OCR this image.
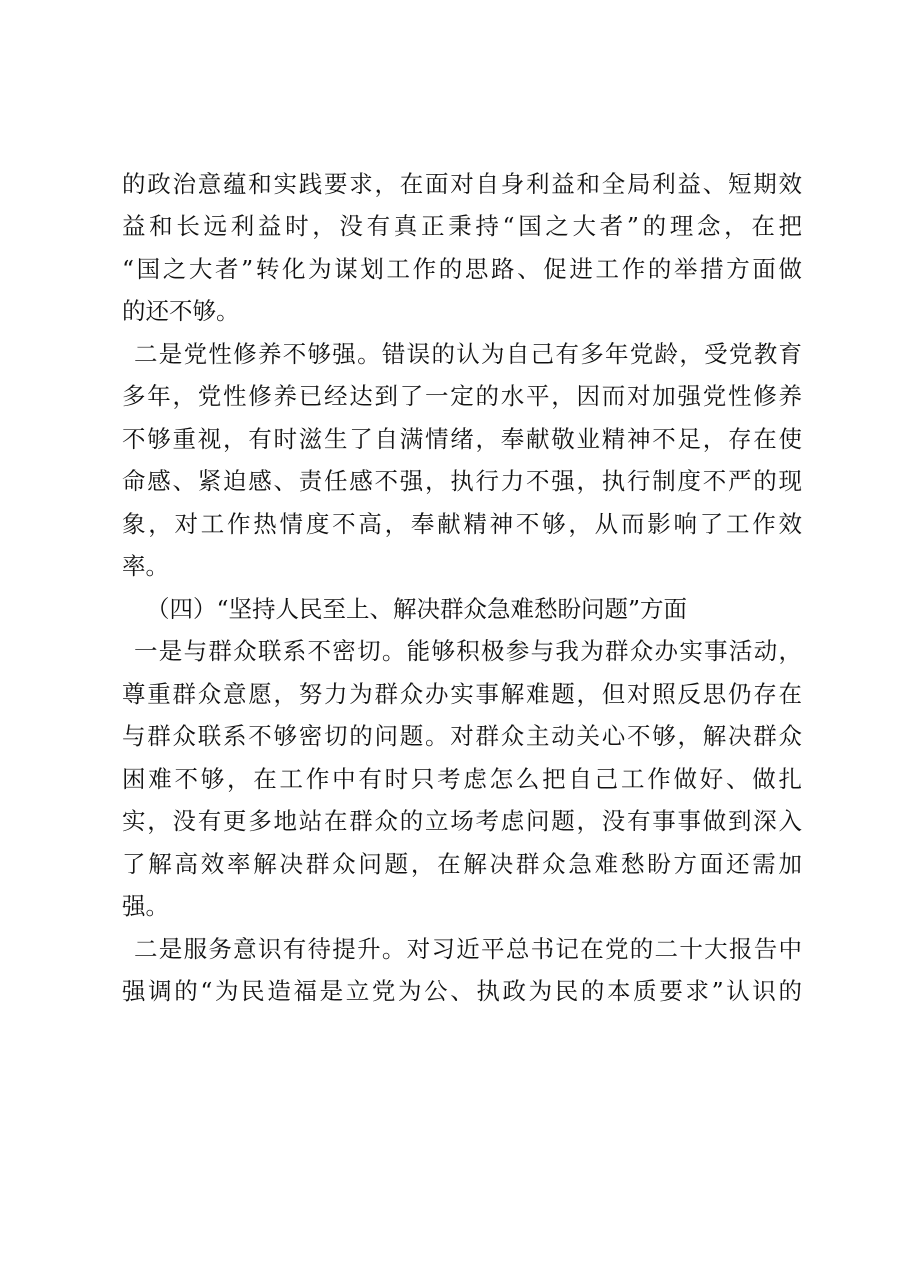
的政治意蕴和实践要求，在面对自身利益和全局利益、短期效
益和长远利益时，没有真正秉持“国之大者”的理念，在把
“国之大者”转化为谋划工作的思路、促进工作的举措方面做
的还不够。
二是党性修养不够强。错误的认为自己有多年党龄，受党教育
多年，党性修养已经达到了一定的水平，因而对加强党性修养
不够重视，有时滋生了自满情绪，奉献敬业精神不足，存在使
命感、紧迫感、责任感不强，执行力不强，执行制度不严的现
象，对工作热情度不高，奉献精神不够，从而影响了工作效
率。
（四）“坚持人民至上、解决群众急难愁盼问题”方面
一是与群众联系不密切。能够积极参与我为群众办实事活动，
尊重群众意愿，努力为群众办实事解难题，但对照反思仍存在
与群众联系不够密切的问题。对群众主动关心不够，解决群众
困难不够，在工作中有时只考虑怎么把自己工作做好、做扎
实，没有更多地站在群众的立场考虑问题，没有事事做到深入
了解高效率解决群众问题，在解决群众急难愁盼方面还需加
强。
二是服务意识有待提升。对习近平总书记在党的二十大报告中
强调的“为民造福是立党为公、执政为民的本质要求”认识的
